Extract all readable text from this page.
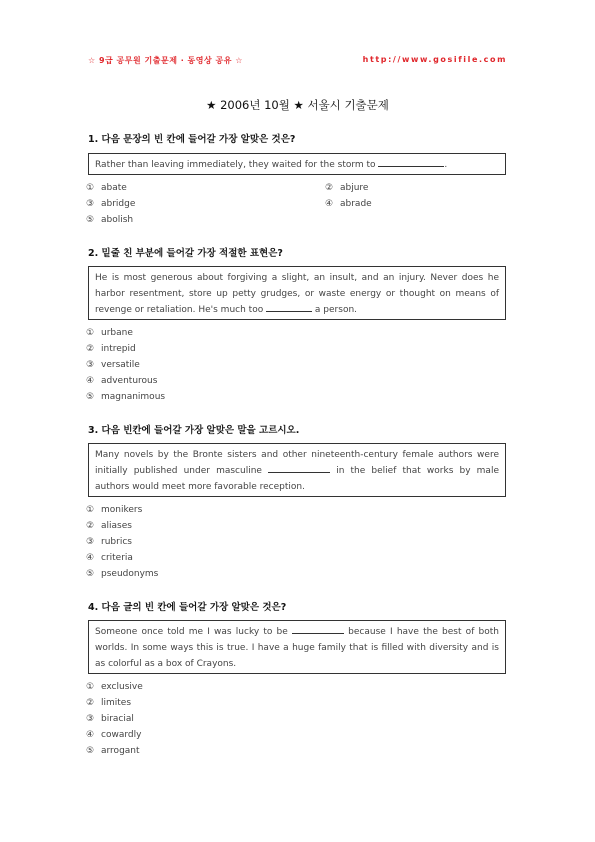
☆ 9급 공무원 기출문제 · 동영상 공유 ☆	http://www.gosifile.com
★ 2006년 10월 ★ 서울시 기출문제
1. 다음 문장의 빈 칸에 들어갈 가장 알맞은 것은?
Rather than leaving immediately, they waited for the storm to	.
① abate	② abjure
③ abridge	④ abrade
⑤ abolish
2. 밑줄 친 부분에 들어갈 가장 적절한 표현은?
He is most generous about forgiving a slight, an insult, and an injury. Never does he harbor resentment, store up petty grudges, or waste energy or thought on means of revenge or retaliation. He's much too	a person.
① urbane
② intrepid
③ versatile
④ adventurous
⑤ magnanimous
3. 다음 빈칸에 들어갈 가장 알맞은 말을 고르시오.
Many novels by the Bronte sisters and other nineteenth-century female authors were initially published under masculine	in the belief that works by male authors would meet more favorable reception.
① monikers
② aliases
③ rubrics
④ criteria
⑤ pseudonyms
4. 다음 글의 빈 칸에 들어갈 가장 알맞은 것은?
Someone once told me I was lucky to be	because I have the best of both worlds. In some ways this is true. I have a huge family that is filled with diversity and is as colorful as a box of Crayons.
① exclusive
② limites
③ biracial
④ cowardly
⑤ arrogant
